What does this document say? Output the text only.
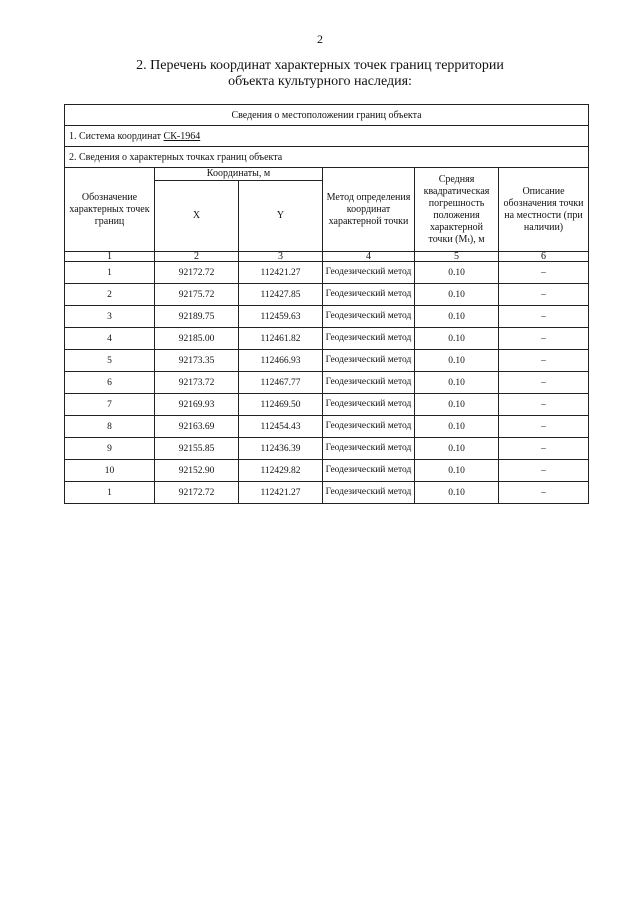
2
2. Перечень координат характерных точек границ территории
объекта культурного наследия:
Сведения о местоположении границ объекта					
1. Система координат СК-1964					
2. Сведения о характерных точках границ объекта					
Обозначение характерных точек границ	Координаты, м		Метод определения координат характерной точки	Средняя квадратическая погрешность положения характерной точки (Mₜ), м	Описание обозначения точки на местности (при наличии)
	X	Y			
1	2	3	4	5	6
1	92172.72	112421.27	Геодезический метод	0.10	–
2	92175.72	112427.85	Геодезический метод	0.10	–
3	92189.75	112459.63	Геодезический метод	0.10	–
4	92185.00	112461.82	Геодезический метод	0.10	–
5	92173.35	112466.93	Геодезический метод	0.10	–
6	92173.72	112467.77	Геодезический метод	0.10	–
7	92169.93	112469.50	Геодезический метод	0.10	–
8	92163.69	112454.43	Геодезический метод	0.10	–
9	92155.85	112436.39	Геодезический метод	0.10	–
10	92152.90	112429.82	Геодезический метод	0.10	–
1	92172.72	112421.27	Геодезический метод	0.10	–
